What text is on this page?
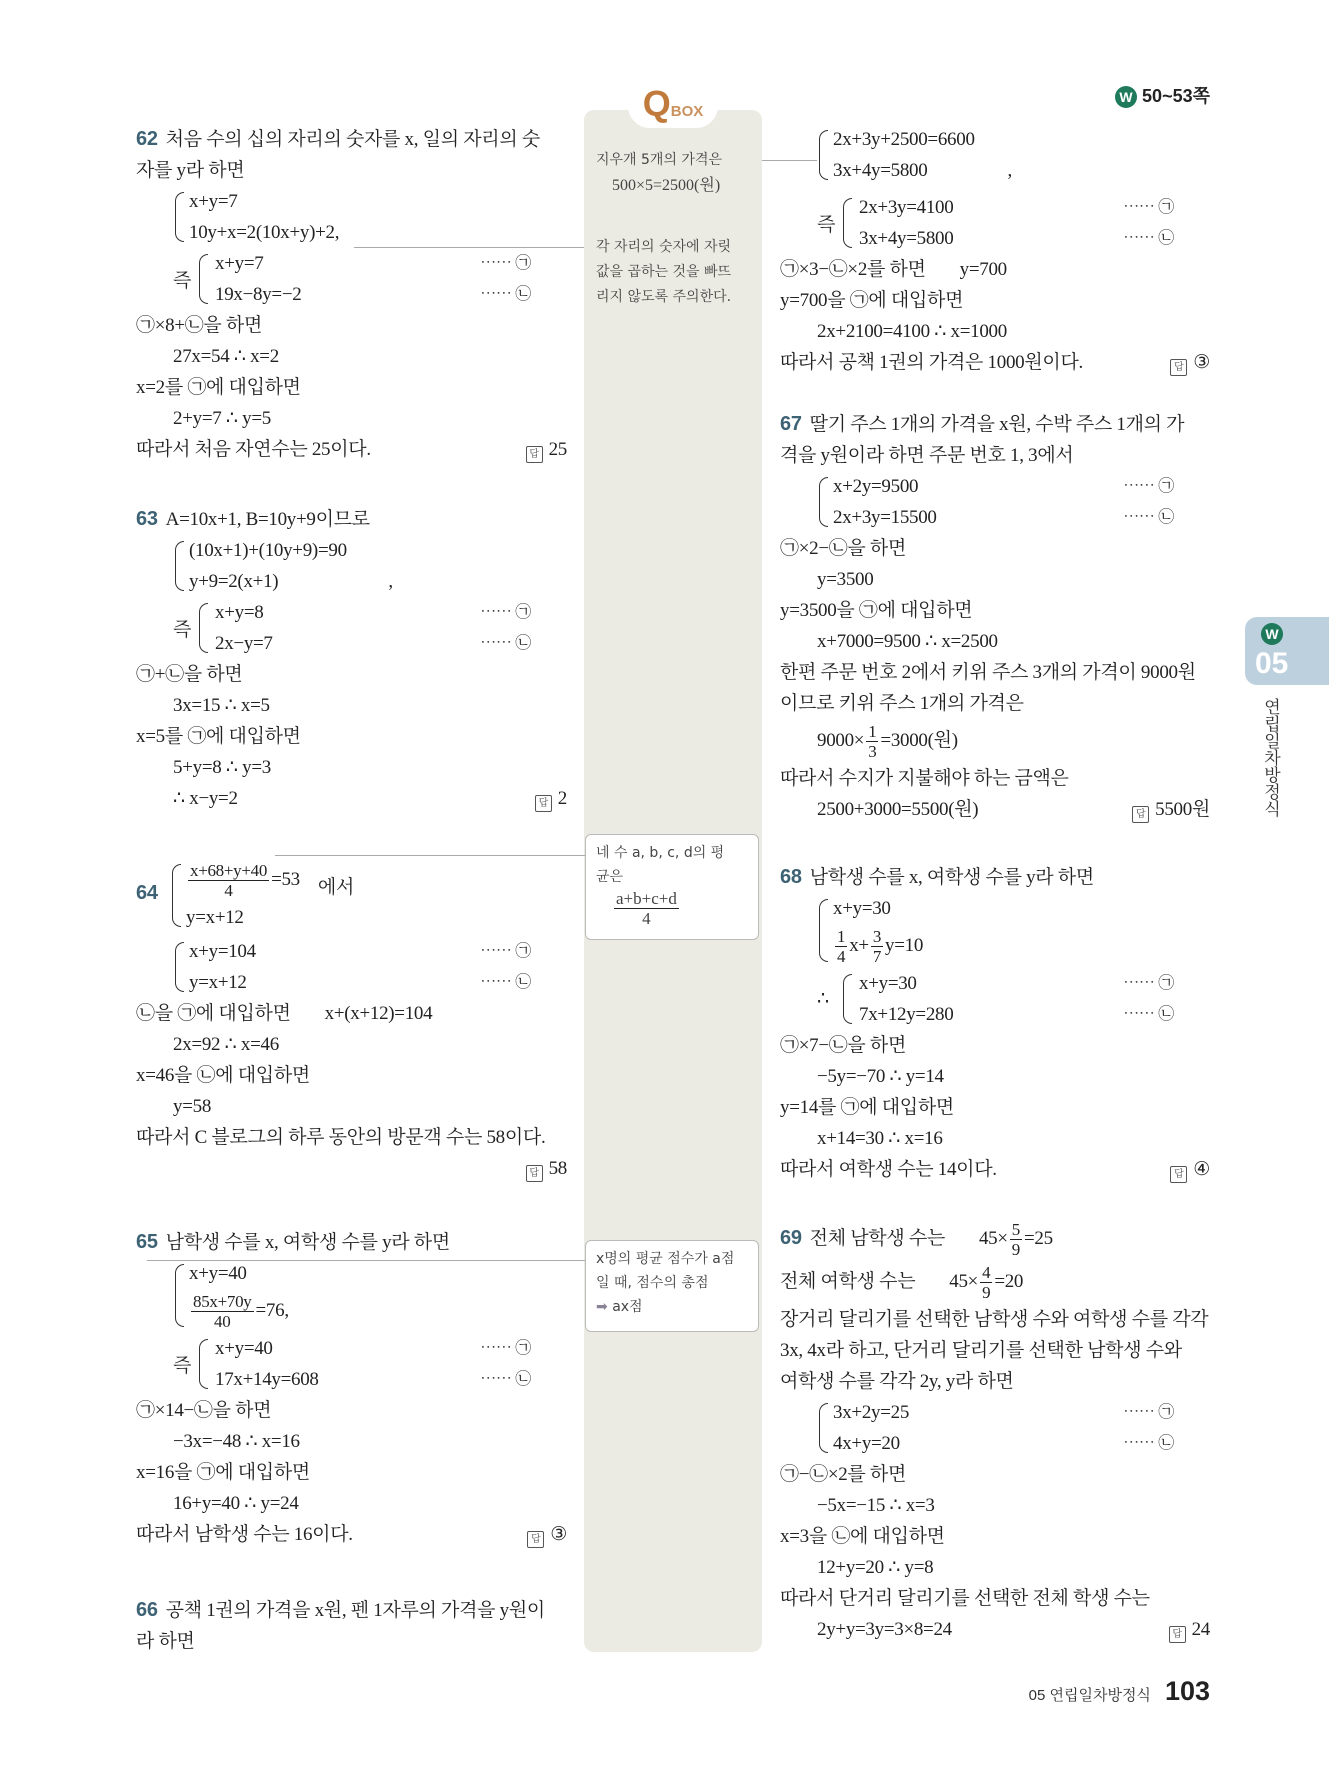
W 50~53쪽
QBOX
지우개 5개의 가격은
500×5=2500(원)
각 자리의 숫자에 자릿
값을 곱하는 것을 빠뜨
리지 않도록 주의한다.
네 수 a, b, c, d의 평
균은
$\frac{a+b+c+d}{4}$
x명의 평균 점수가 a점
일 때, 점수의 총점
➡ ax점
62 처음 수의 십의 자리의 숫자를 x, 일의 자리의 숫
자를 y라 하면
x+y=7
10y+x=2(10x+y)+2,
즉
x+y=7	⋯⋯ ㉠
19x−8y=−2	⋯⋯ ㉡
㉠×8+㉡을 하면
27x=54 ∴ x=2
x=2를 ㉠에 대입하면
2+y=7 ∴ y=5
따라서 처음 자연수는 25이다.	답 25
63 A=10x+1, B=10y+9이므로
(10x+1)+(10y+9)=90
y+9=2(x+1)	,
즉
x+y=8	⋯⋯ ㉠
2x−y=7	⋯⋯ ㉡
㉠+㉡을 하면
3x=15 ∴ x=5
x=5를 ㉠에 대입하면
5+y=8 ∴ y=3
∴ x−y=2	답 2
$64 \frac{x+68+y+40}{4} =53$ 에서
y=x+12
x+y=104	⋯⋯ ㉠
y=x+12	⋯⋯ ㉡
㉡을 ㉠에 대입하면 x+(x+12)=104
2x=92 ∴ x=46
x=46을 ㉡에 대입하면
y=58
따라서 C 블로그의 하루 동안의 방문객 수는 58이다.
답 58
65 남학생 수를 x, 여학생 수를 y라 하면
x+y=40
$\frac{85x+70y}{40} =76$,
즉
x+y=40	⋯⋯ ㉠
17x+14y=608	⋯⋯ ㉡
㉠×14−㉡을 하면
−3x=−48 ∴ x=16
x=16을 ㉠에 대입하면
16+y=40 ∴ y=24
따라서 남학생 수는 16이다.	답 ③
66 공책 1권의 가격을 x원, 펜 1자루의 가격을 y원이
라 하면
2x+3y+2500=6600
3x+4y=5800	,
즉
2x+3y=4100	⋯⋯ ㉠
3x+4y=5800	⋯⋯ ㉡
㉠×3−㉡×2를 하면 y=700
y=700을 ㉠에 대입하면
2x+2100=4100 ∴ x=1000
따라서 공책 1권의 가격은 1000원이다.	답 ③
67 딸기 주스 1개의 가격을 x원, 수박 주스 1개의 가
격을 y원이라 하면 주문 번호 1, 3에서
x+2y=9500	⋯⋯ ㉠
2x+3y=15500	⋯⋯ ㉡
㉠×2−㉡을 하면
y=3500
y=3500을 ㉠에 대입하면
x+7000=9500 ∴ x=2500
한편 주문 번호 2에서 키위 주스 3개의 가격이 9000원
이므로 키위 주스 1개의 가격은
$9000\times \frac{1}{3} =3000$(원)
따라서 수지가 지불해야 하는 금액은
2500+3000=5500(원)	답 5500원
68 남학생 수를 x, 여학생 수를 y라 하면
x+y=30
$\frac{1}{4} x+ \frac{3}{7} y=10$
∴
x+y=30	⋯⋯ ㉠
7x+12y=280	⋯⋯ ㉡
㉠×7−㉡을 하면
−5y=−70 ∴ y=14
y=14를 ㉠에 대입하면
x+14=30 ∴ x=16
따라서 여학생 수는 14이다.	답 ④
69 전체 남학생 수는 $45\times \frac{5}{9} =25$
전체 여학생 수는 $45\times \frac{4}{9} =20$
장거리 달리기를 선택한 남학생 수와 여학생 수를 각각
3x, 4x라 하고, 단거리 달리기를 선택한 남학생 수와
여학생 수를 각각 2y, y라 하면
3x+2y=25	⋯⋯ ㉠
4x+y=20	⋯⋯ ㉡
㉠−㉡×2를 하면
−5x=−15 ∴ x=3
x=3을 ㉡에 대입하면
12+y=20 ∴ y=8
따라서 단거리 달리기를 선택한 전체 학생 수는
2y+y=3y=3×8=24	답 24
W
05
연립일차방정식
05 연립일차방정식 103
